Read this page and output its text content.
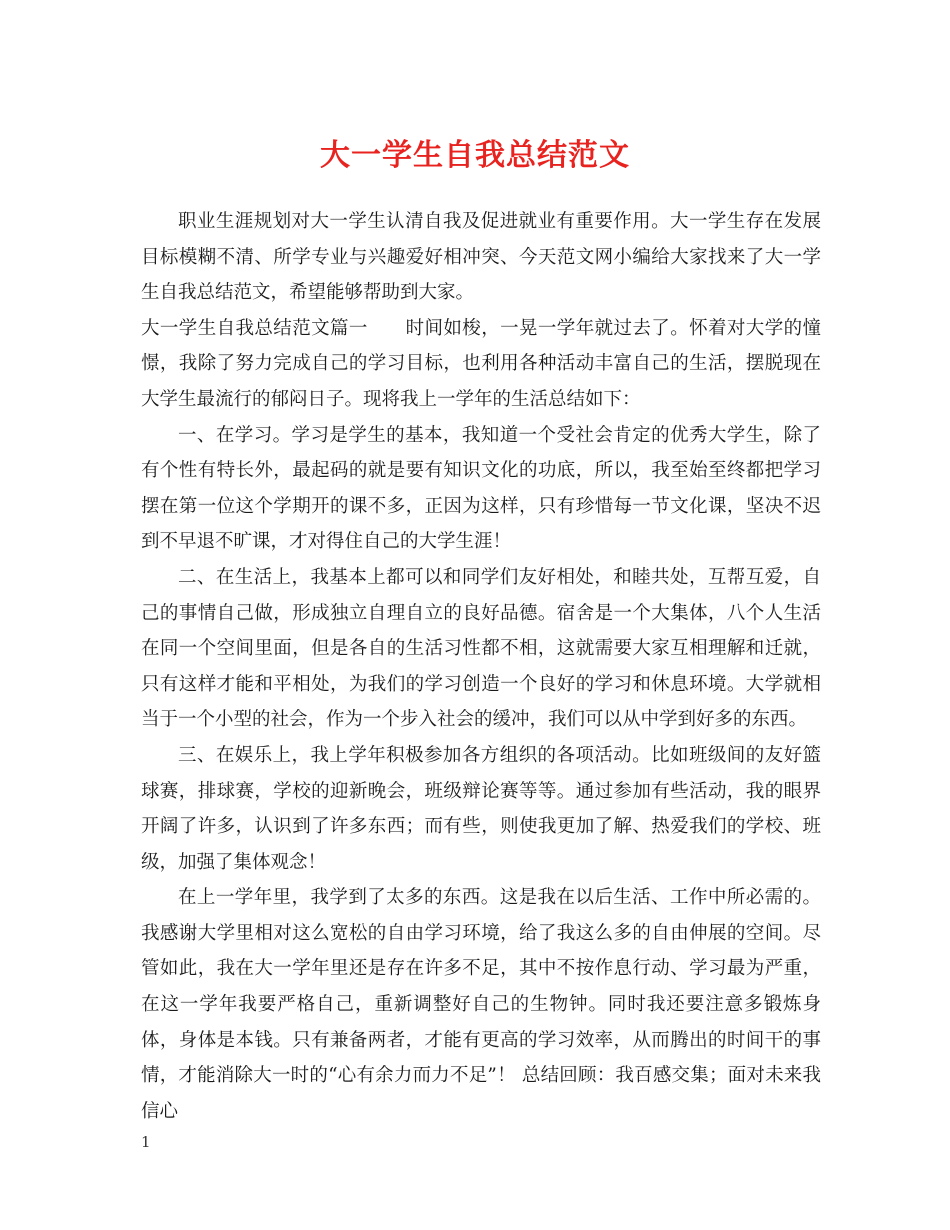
大一学生自我总结范文

职业生涯规划对大一学生认清自我及促进就业有重要作用。大一学生存在发展目标模糊不清、所学专业与兴趣爱好相冲突、今天范文网小编给大家找来了大一学生自我总结范文，希望能够帮助到大家。

大一学生自我总结范文篇一　　时间如梭，一晃一学年就过去了。怀着对大学的憧憬，我除了努力完成自己的学习目标，也利用各种活动丰富自己的生活，摆脱现在大学生最流行的郁闷日子。现将我上一学年的生活总结如下：

一、在学习。学习是学生的基本，我知道一个受社会肯定的优秀大学生，除了有个性有特长外，最起码的就是要有知识文化的功底，所以，我至始至终都把学习摆在第一位这个学期开的课不多，正因为这样，只有珍惜每一节文化课，坚决不迟到不早退不旷课，才对得住自己的大学生涯！

二、在生活上，我基本上都可以和同学们友好相处，和睦共处，互帮互爱，自己的事情自己做，形成独立自理自立的良好品德。宿舍是一个大集体，八个人生活在同一个空间里面，但是各自的生活习性都不相，这就需要大家互相理解和迁就，只有这样才能和平相处，为我们的学习创造一个良好的学习和休息环境。大学就相当于一个小型的社会，作为一个步入社会的缓冲，我们可以从中学到好多的东西。

三、在娱乐上，我上学年积极参加各方组织的各项活动。比如班级间的友好篮球赛，排球赛，学校的迎新晚会，班级辩论赛等等。通过参加有些活动，我的眼界开阔了许多，认识到了许多东西；而有些，则使我更加了解、热爱我们的学校、班级，加强了集体观念！

在上一学年里，我学到了太多的东西。这是我在以后生活、工作中所必需的。我感谢大学里相对这么宽松的自由学习环境，给了我这么多的自由伸展的空间。尽管如此，我在大一学年里还是存在许多不足，其中不按作息行动、学习最为严重，在这一学年我要严格自己，重新调整好自己的生物钟。同时我还要注意多锻炼身体，身体是本钱。只有兼备两者，才能有更高的学习效率，从而腾出的时间干的事情，才能消除大一时的“心有余力而力不足”！ 总结回顾：我百感交集；面对未来我信心

1
